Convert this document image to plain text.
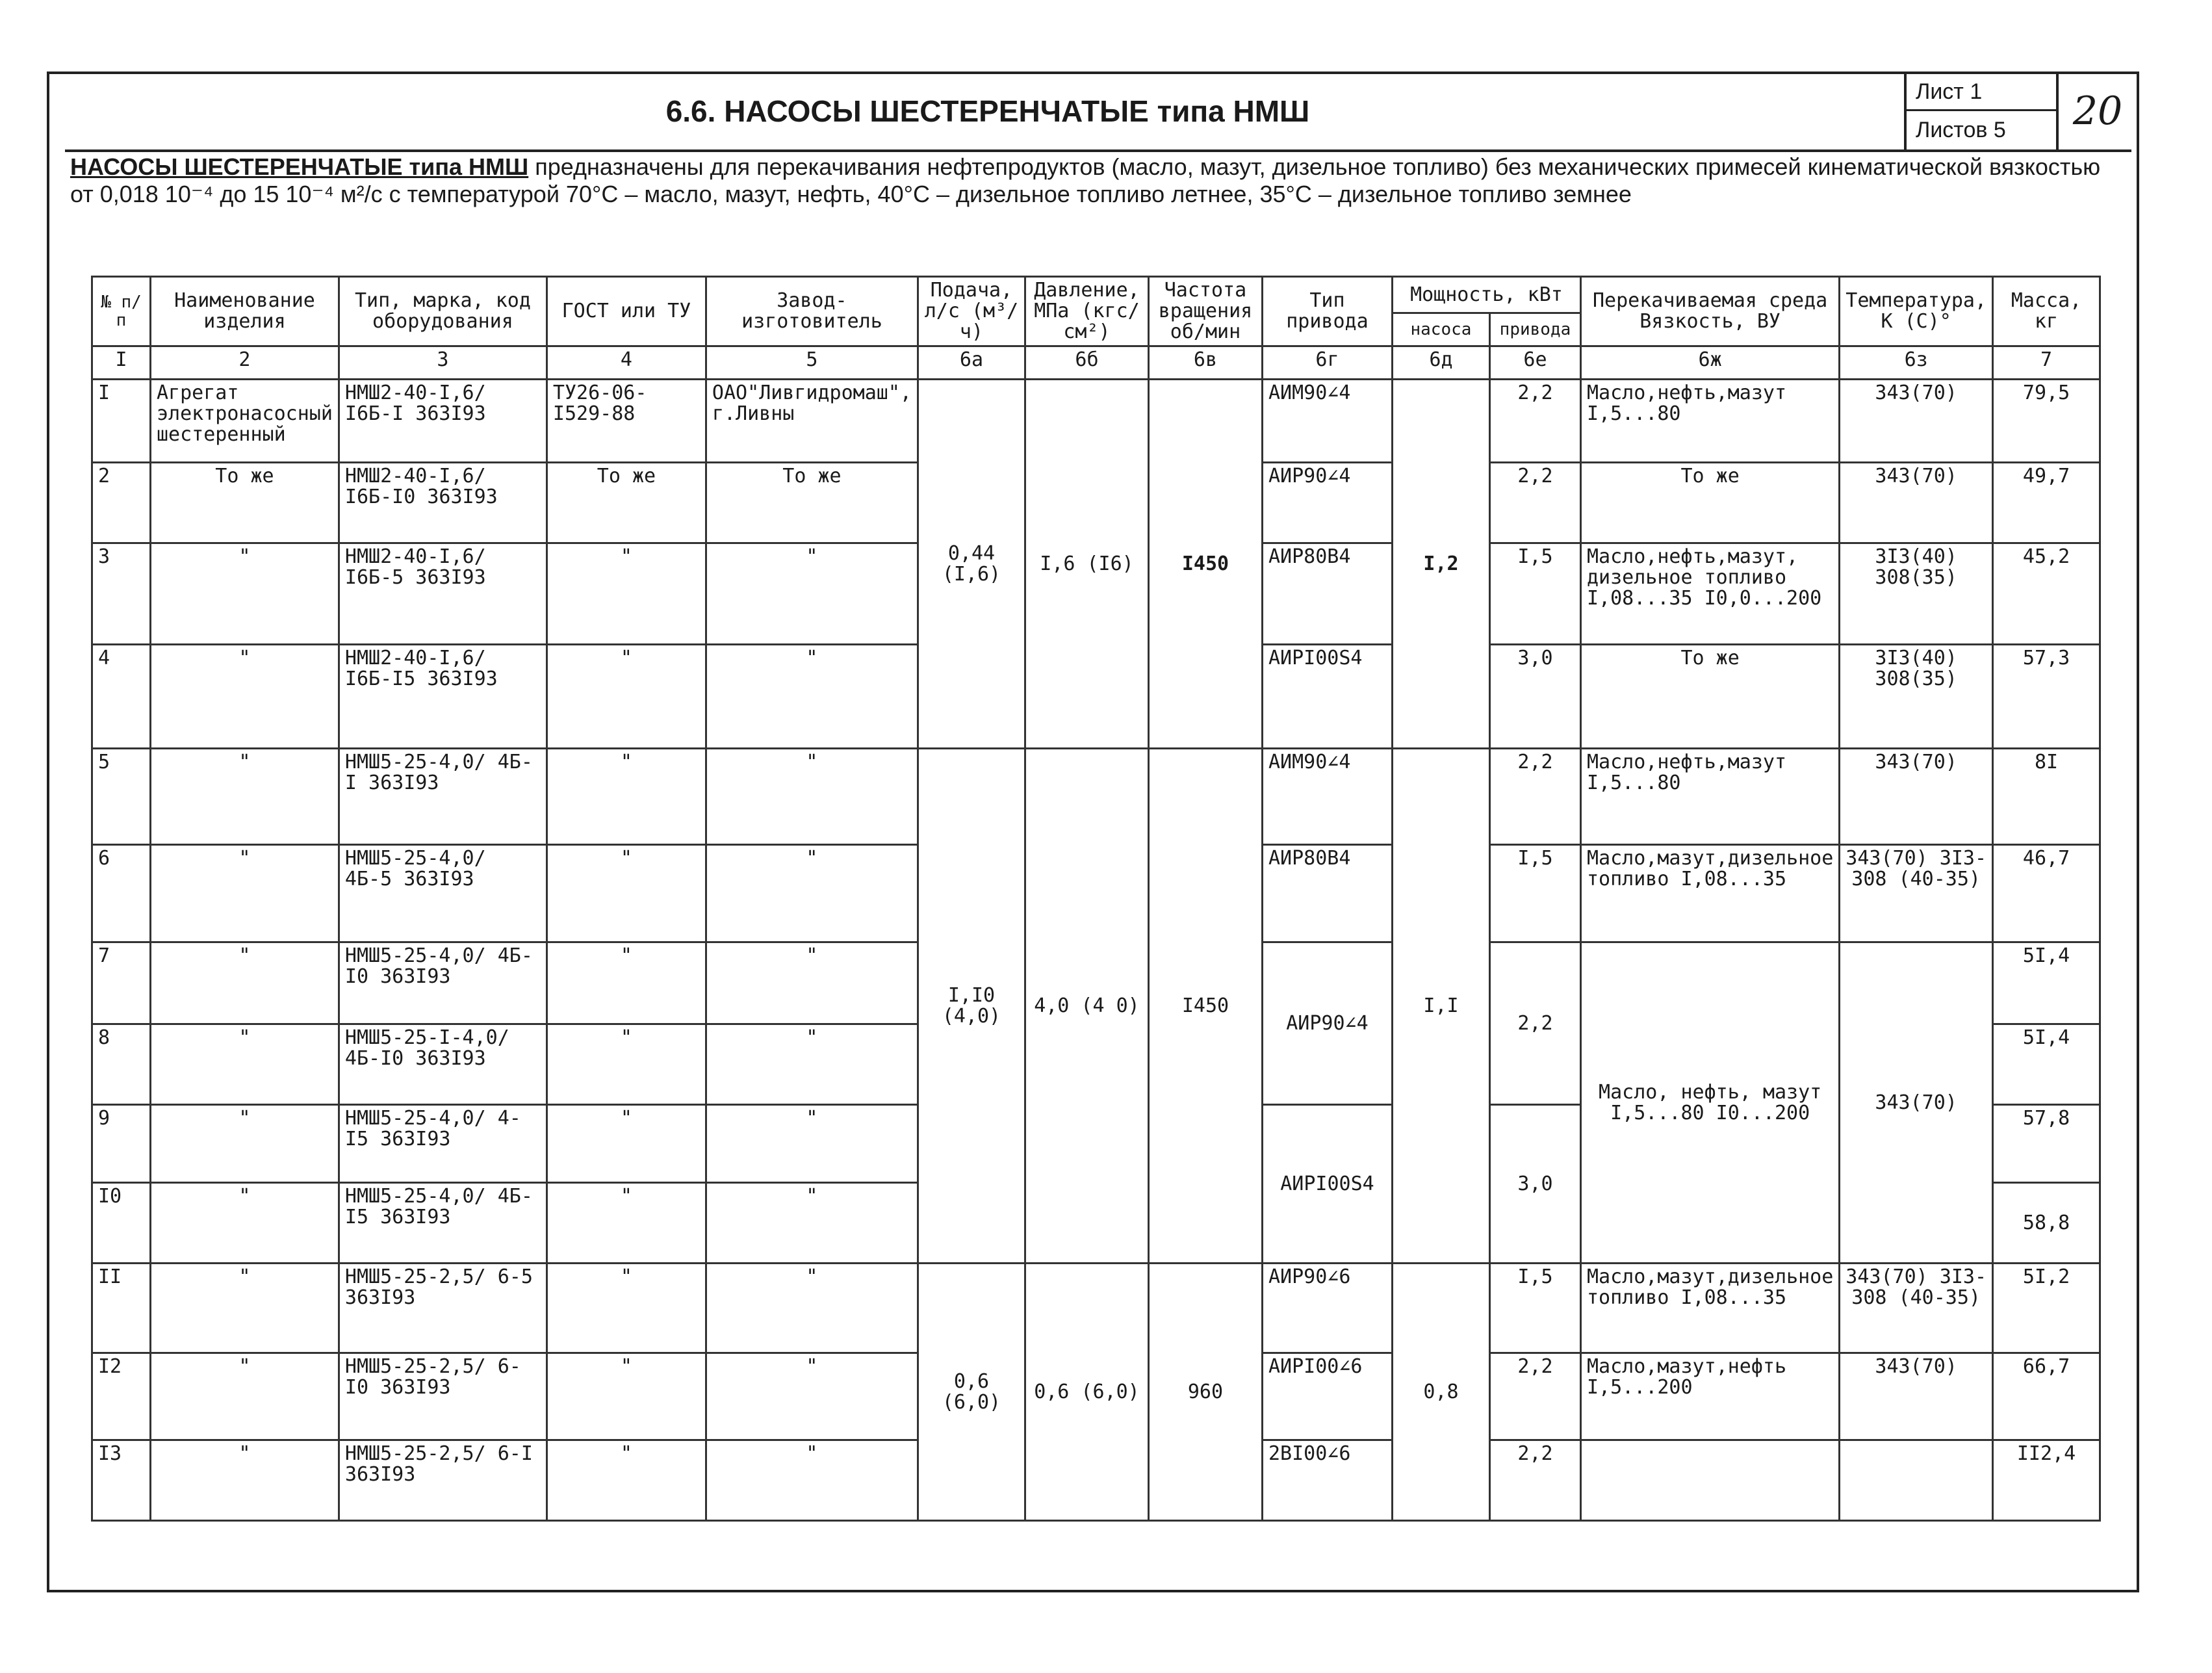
6.6. НАСОСЫ ШЕСТЕРЕНЧАТЫЕ типа НМШ
Лист 1
Листов 5	20
НАСОСЫ ШЕСТЕРЕНЧАТЫЕ типа НМШ предназначены для перекачивания нефтепродуктов (масло, мазут, дизельное топливо) без механических примесей кинематической вязкостью от 0,018 10⁻⁴ до 15 10⁻⁴ м²/с с температурой 70°С – масло, мазут, нефть, 40°С – дизельное топливо летнее, 35°С – дизельное топливо земнее
№ п/п	Наименование изделия	Тип, марка, код оборудования	ГОСТ или ТУ	Завод-изготовитель	Подача, л/с (м³/ч)	Давление, МПа (кгс/см²)	Частота вращения об/мин	Тип привода	Мощность, кВт		Перекачиваемая среда Вязкость, ВУ	Температура, К (С)°	Масса, кг
									насоса	привода			
I	2	3	4	5	6а	6б	6в	6г	6д	6е	6ж	6з	7
I	Агрегат электронасосный шестеренный	НМШ2-40-I,6/ I6Б-I 363I93	ТУ26-06- I529-88	ОАО"Ливгидромаш", г.Ливны	0,44 (I,6)	I,6 (I6)	I450	АИМ90∠4	I,2	2,2	Масло,нефть,мазут I,5...80	343(70)	79,5
2	То же	НМШ2-40-I,6/ I6Б-I0 363I93	То же	То же				АИР90∠4		2,2	То же	343(70)	49,7
3	"	НМШ2-40-I,6/ I6Б-5 363I93	"	"				АИР80В4		I,5	Масло,нефть,мазут, дизельное топливо I,08...35 I0,0...200	3I3(40) 308(35)	45,2
4	"	НМШ2-40-I,6/ I6Б-I5 363I93	"	"				АИРI00S4		3,0	То же	3I3(40) 308(35)	57,3
5	"	НМШ5-25-4,0/ 4Б-I 363I93	"	"	I,I0 (4,0)	4,0 (4 0)	I450	АИМ90∠4	I,I	2,2	Масло,нефть,мазут I,5...80	343(70)	8I
6	"	НМШ5-25-4,0/ 4Б-5 363I93	"	"				АИР80В4		I,5	Масло,мазут,дизельное топливо I,08...35	343(70) 3I3-308 (40-35)	46,7
7	"	НМШ5-25-4,0/ 4Б-I0 363I93	"	"				АИР90∠4		2,2	Масло, нефть, мазут I,5...80 I0...200	343(70)	5I,4
8	"	НМШ5-25-I-4,0/ 4Б-I0 363I93	"	"									5I,4
9	"	НМШ5-25-4,0/ 4-I5 363I93	"	"				АИРI00S4		3,0			57,8
I0	"	НМШ5-25-4,0/ 4Б-I5 363I93	"	"									58,8
II	"	НМШ5-25-2,5/ 6-5 363I93	"	"	0,6 (6,0)	0,6 (6,0)	960	АИР90∠6	0,8	I,5	Масло,мазут,дизельное топливо I,08...35	343(70) 3I3-308 (40-35)	5I,2
I2	"	НМШ5-25-2,5/ 6-I0 363I93	"	"				АИРI00∠6		2,2	Масло,мазут,нефть I,5...200	343(70)	66,7
I3	"	НМШ5-25-2,5/ 6-I 363I93	"	"				2ВI00∠6		2,2			II2,4
